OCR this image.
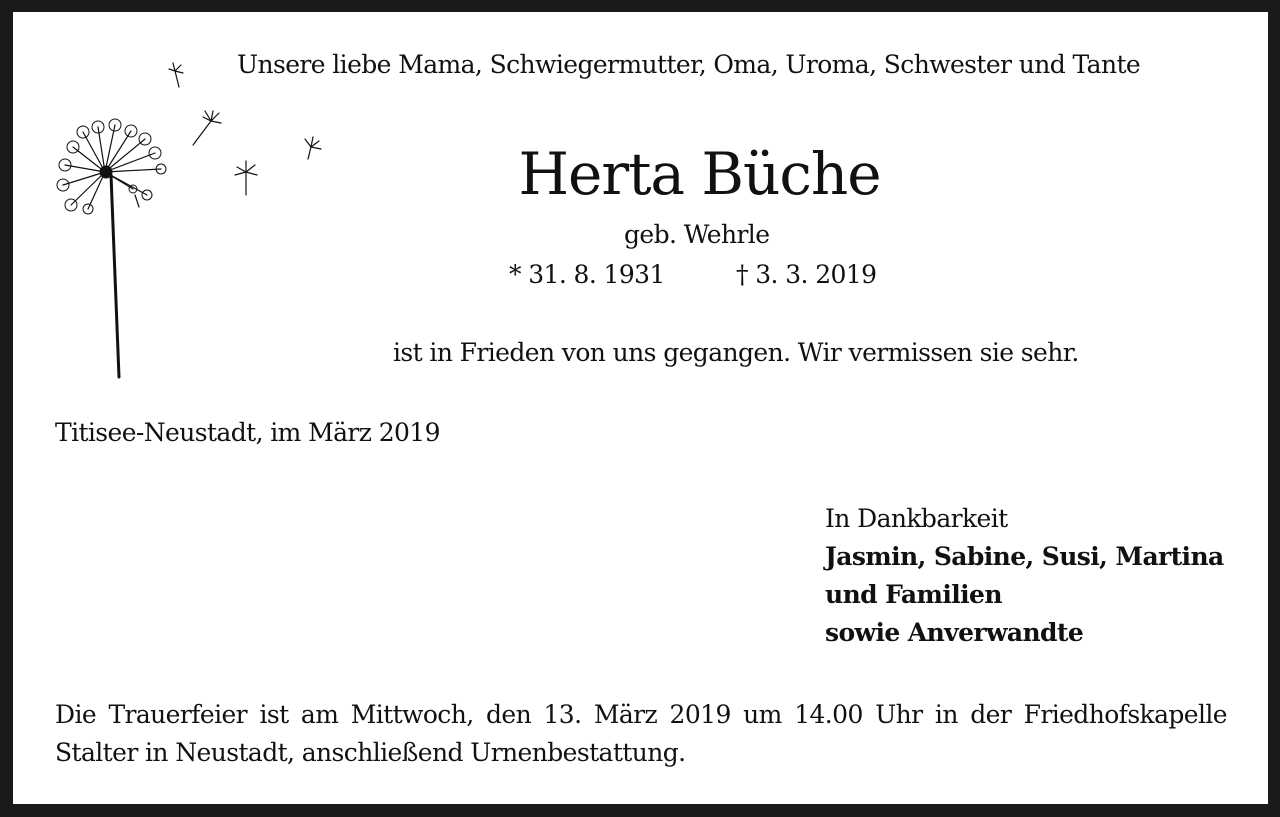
Unsere liebe Mama, Schwiegermutter, Oma, Uroma, Schwester und Tante
Herta Büche
geb. Wehrle
* 31. 8. 1931	† 3. 3. 2019
ist in Frieden von uns gegangen. Wir vermissen sie sehr.
Titisee-Neustadt, im März 2019
In Dankbarkeit
Jasmin, Sabine, Susi, Martina
und Familien
sowie Anverwandte
Die Trauerfeier ist am Mittwoch, den 13. März 2019 um 14.00 Uhr in der Friedhofskapelle
Stalter in Neustadt, anschließend Urnenbestattung.
